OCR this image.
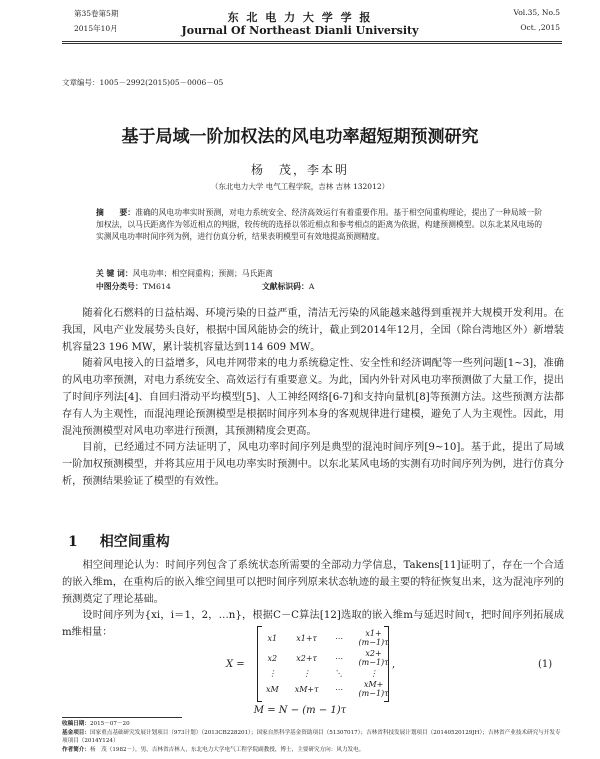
第35卷第5期
2015年10月
东 北 电 力 大 学 学 报
Journal Of Northeast Dianli University
Vol.35, No.5
Oct. ,2015
文章编号：1005－2992(2015)05－0006－05
基于局域一阶加权法的风电功率超短期预测研究
杨　茂，李本明
（东北电力大学 电气工程学院，吉林 吉林 132012）
摘　　要：准确的风电功率实时预测，对电力系统安全、经济高效运行有着重要作用。基于相空间重构理论，提出了一种局域一阶加权法，以马氏距离作为邻近相点的判据，较传统的选择以邻近相点和参考相点的距离为依据，构建预测模型。以东北某风电场的实测风电功率时间序列为例，进行仿真分析，结果表明模型可有效地提高预测精度。
关 键 词：风电功率；相空间重构；预测；马氏距离
中图分类号：TM614	文献标识码：A

随着化石燃料的日益枯竭、环境污染的日益严重，清洁无污染的风能越来越得到重视并大规模开发利用。在我国，风电产业发展势头良好，根据中国风能协会的统计，截止到2014年12月，全国（除台湾地区外）新增装机容量23 196 MW，累计装机容量达到114 609 MW。

随着风电接入的日益增多，风电并网带来的电力系统稳定性、安全性和经济调配等一些列问题[1~3]，准确的风电功率预测，对电力系统安全、高效运行有重要意义。为此，国内外针对风电功率预测做了大量工作，提出了时间序列法[4]、自回归滑动平均模型[5]、人工神经网络[6-7]和支持向量机[8]等预测方法。这些预测方法都存有人为主观性，而混沌理论预测模型是根据时间序列本身的客观规律进行建模，避免了人为主观性。因此，用混沌预测模型对风电功率进行预测，其预测精度会更高。

目前，已经通过不同方法证明了，风电功率时间序列是典型的混沌时间序列[9~10]。基于此，提出了局域一阶加权预测模型，并将其应用于风电功率实时预测中。以东北某风电场的实测有功时间序列为例，进行仿真分析，预测结果验证了模型的有效性。

1 相空间重构

相空间理论认为：时间序列包含了系统状态所需要的全部动力学信息，Takens[11]证明了，存在一个合适的嵌入维m，在重构后的嵌入维空间里可以把时间序列原来状态轨迹的最主要的特征恢复出来，这为混沌序列的预测奠定了理论基础。

设时间序列为{xi，i＝1，2，…n}，根据C－C算法[12]选取的嵌入维m与延迟时间τ，把时间序列拓展成m维相量：

X =
x1	x1+τ	⋯	x1+(m−1)τ
x2	x2+τ	⋯	x2+(m−1)τ
⋮	⋮	⋱	⋮
xM	xM+τ	⋯	xM+(m−1)τ
,	(1)
M = N − (m − 1)τ
收稿日期：2015－07－20
基金项目：国家重点基础研究发展计划项目（973计划）（2013CB228201）；国家自然科学基金资助项目（51307017）；吉林省科技发展计划项目（20140520129JH）；吉林省产业技术研究与开发专项项目（2014Y124）
作者简介：杨　茂（1982－），男，吉林省吉林人，东北电力大学电气工程学院副教授，博士，主要研究方向：风力发电。
